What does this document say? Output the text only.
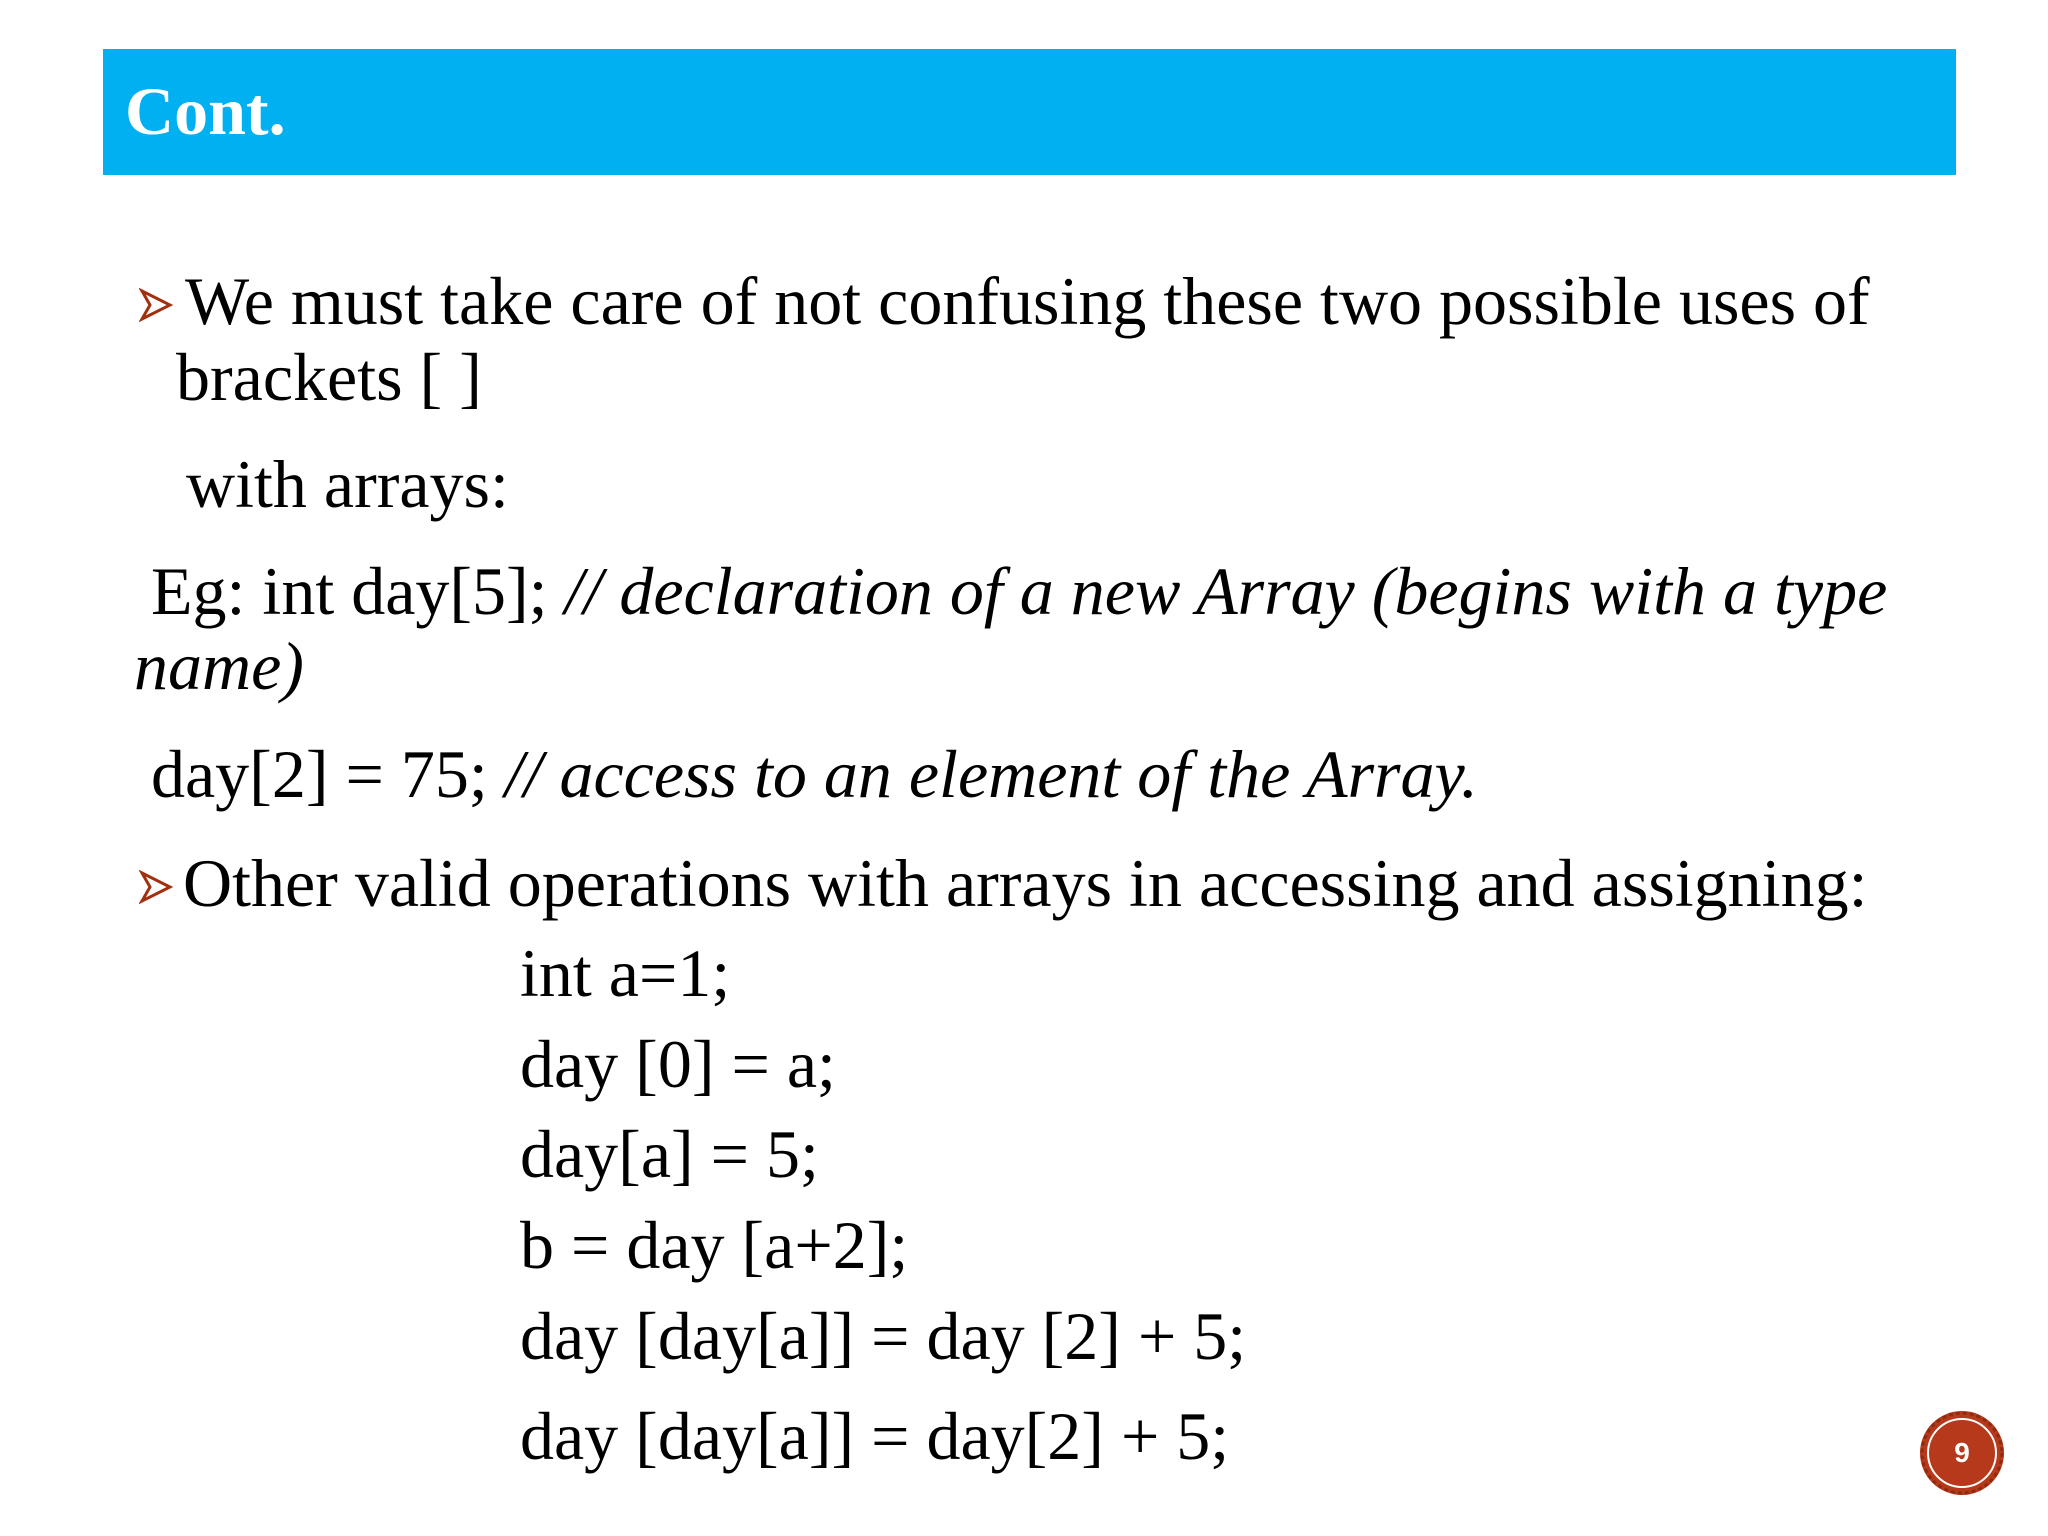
Cont.
We must take care of not confusing these two possible uses of
brackets [ ]
with arrays:
Eg: int day[5]; // declaration of a new Array (begins with a type
name)
day[2] = 75; // access to an element of the Array.
Other valid operations with arrays in accessing and assigning:
int a=1;
day [0] = a;
day[a] = 5;
b = day [a+2];
day [day[a]] = day [2] + 5;
day [day[a]] = day[2] + 5;	9
